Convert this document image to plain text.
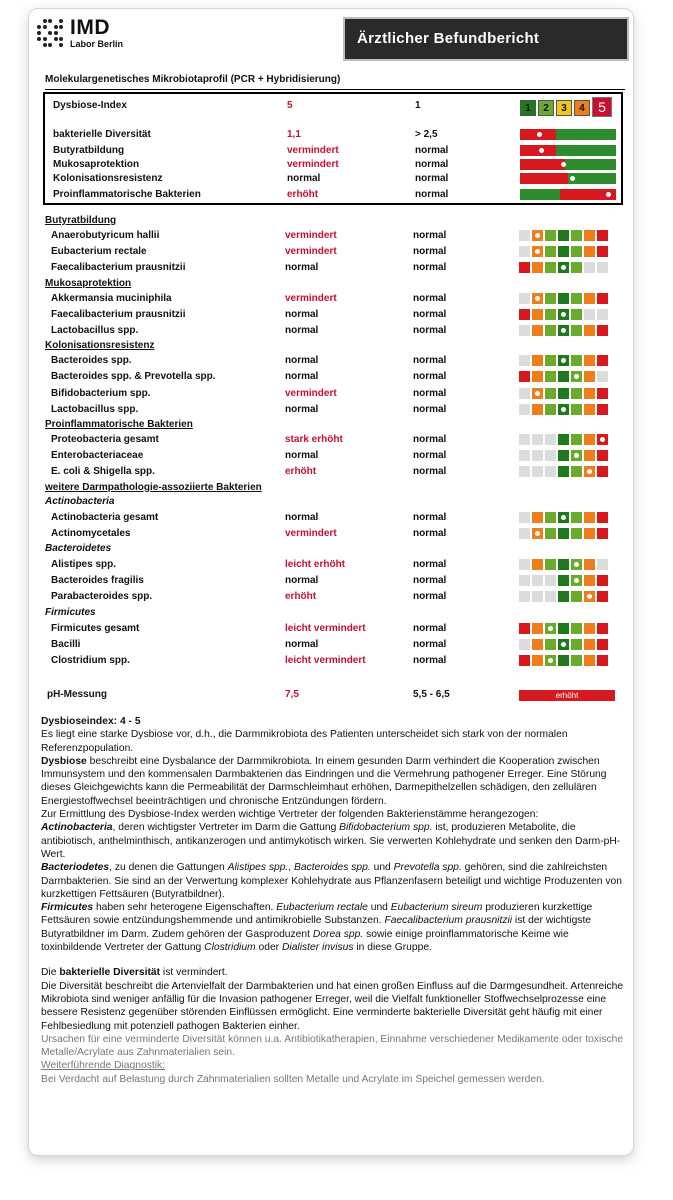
IMD
Labor Berlin	Ärztlicher Befundbericht
Molekulargenetisches Mikrobiotaprofil (PCR + Hybridisierung)
Dysbiose-Index	5	1	1	2	3	4 5
bakterielle Diversität	1,1	> 2,5
Butyratbildung	vermindert	normal
Mukosaprotektion	vermindert	normal
Kolonisationsresistenz	normal	normal
Proinflammatorische Bakterien	erhöht	normal
Butyratbildung
Anaerobutyricum hallii	vermindert	normal
Eubacterium rectale	vermindert	normal
Faecalibacterium prausnitzii	normal	normal
Mukosaprotektion
Akkermansia muciniphila	vermindert	normal
Faecalibacterium prausnitzii	normal	normal
Lactobacillus spp.	normal	normal
Kolonisationsresistenz
Bacteroides spp.	normal	normal
Bacteroides spp. & Prevotella spp.	normal	normal
Bifidobacterium spp.	vermindert	normal
Lactobacillus spp.	normal	normal
Proinflammatorische Bakterien
Proteobacteria gesamt	stark erhöht	normal
Enterobacteriaceae	normal	normal
E. coli & Shigella spp.	erhöht	normal
weitere Darmpathologie-assoziierte Bakterien
Actinobacteria
Actinobacteria gesamt	normal	normal
Actinomycetales	vermindert	normal
Bacteroidetes
Alistipes spp.	leicht erhöht	normal
Bacteroides fragilis	normal	normal
Parabacteroides spp.	erhöht	normal
Firmicutes
Firmicutes gesamt	leicht vermindert	normal
Bacilli	normal	normal
Clostridium spp.	leicht vermindert	normal
pH-Messung	7,5	5,5 - 6,5	erhöht

Dysbioseindex: 4 - 5

Es liegt eine starke Dysbiose vor, d.h., die Darmmikrobiota des Patienten unterscheidet sich stark von der normalen Referenzpopulation.

Dysbiose beschreibt eine Dysbalance der Darmmikrobiota. In einem gesunden Darm verhindert die Kooperation zwischen Immunsystem und den kommensalen Darmbakterien das Eindringen und die Vermehrung pathogener Erreger. Eine Störung dieses Gleichgewichts kann die Permeabilität der Darmschleimhaut erhöhen, Darmepithelzellen schädigen, den zellulären Energiestoffwechsel beeinträchtigen und chronische Entzündungen fördern.

Zur Ermittlung des Dysbiose-Index werden wichtige Vertreter der folgenden Bakterienstämme herangezogen:

Actinobacteria, deren wichtigster Vertreter im Darm die Gattung Bifidobacterium spp. ist, produzieren Metabolite, die antibiotisch, anthelminthisch, antikanzerogen und antimykotisch wirken. Sie verwerten Kohlehydrate und senken den Darm-pH-Wert.

Bacteriodetes, zu denen die Gattungen Alistipes spp., Bacteroides spp. und Prevotella spp. gehören, sind die zahlreichsten Darmbakterien. Sie sind an der Verwertung komplexer Kohlehydrate aus Pflanzenfasern beteiligt und wichtige Produzenten von kurzkettigen Fettsäuren (Butyratbildner).

Firmicutes haben sehr heterogene Eigenschaften. Eubacterium rectale und Eubacterium sireum produzieren kurzkettige Fettsäuren sowie entzündungshemmende und antimikrobielle Substanzen. Faecalibacterium prausnitzii ist der wichtigste Butyratbildner im Darm. Zudem gehören der Gasproduzent Dorea spp. sowie einige proinflammatorische Keime wie toxinbildende Vertreter der Gattung Clostridium oder Dialister invisus in diese Gruppe.

Die bakterielle Diversität ist vermindert.

Die Diversität beschreibt die Artenvielfalt der Darmbakterien und hat einen großen Einfluss auf die Darmgesundheit. Artenreiche Mikrobiota sind weniger anfällig für die Invasion pathogener Erreger, weil die Vielfalt funktioneller Stoffwechselprozesse eine bessere Resistenz gegenüber störenden Einflüssen ermöglicht. Eine verminderte bakterielle Diversität geht häufig mit einer Fehlbesiedlung mit potenziell pathogen Bakterien einher.

Ursachen für eine verminderte Diversität können u.a. Antibiotikatherapien, Einnahme verschiedener Medikamente oder toxische Metalle/Acrylate aus Zahnmaterialien sein.

Weiterführende Diagnostik:

Bei Verdacht auf Belastung durch Zahnmaterialien sollten Metalle und Acrylate im Speichel gemessen werden.
